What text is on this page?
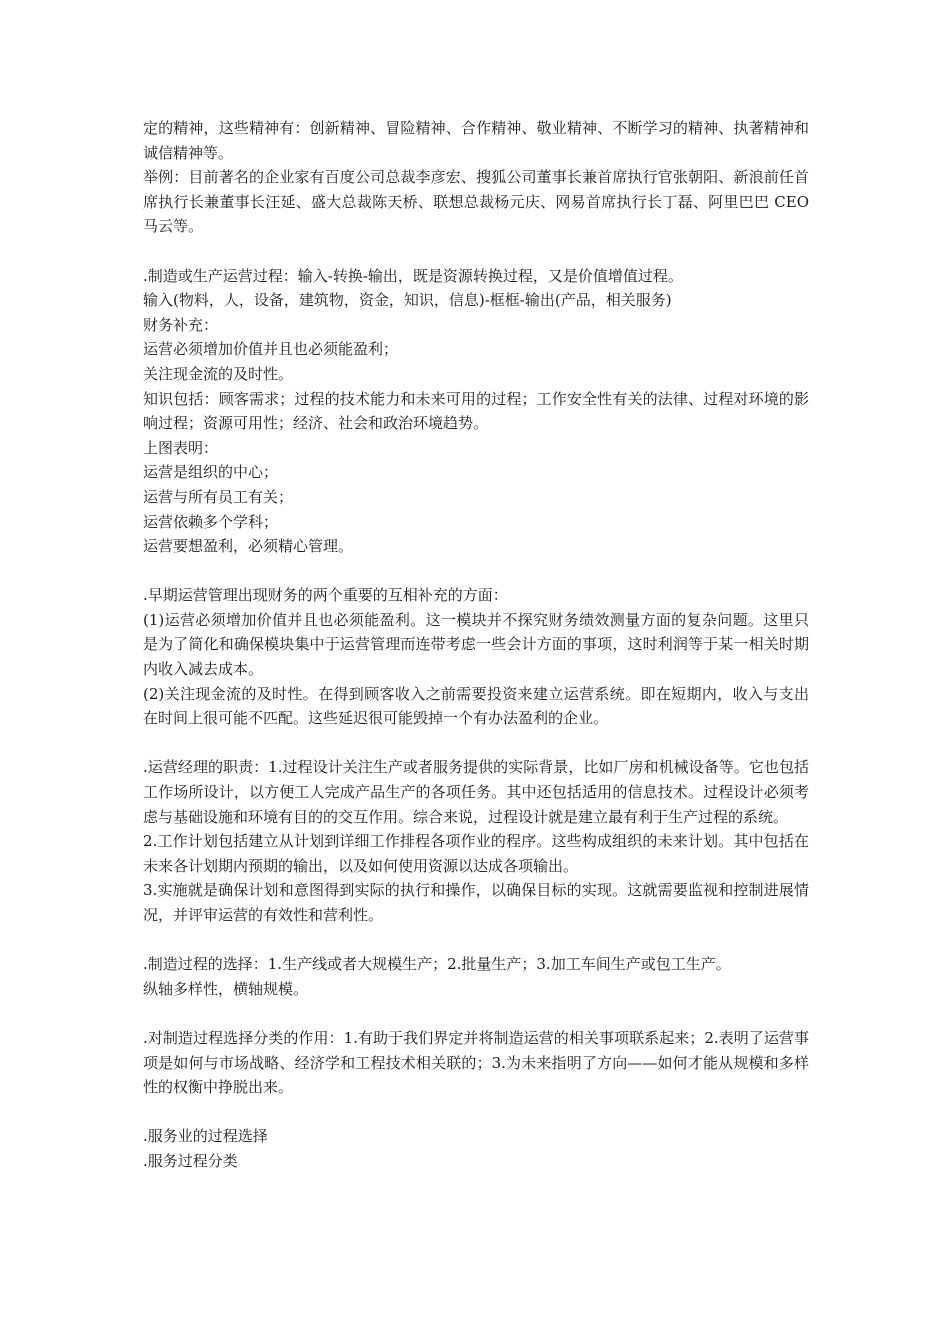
定的精神，这些精神有：创新精神、冒险精神、合作精神、敬业精神、不断学习的精神、执著精神和诚信精神等。

举例：目前著名的企业家有百度公司总裁李彦宏、搜狐公司董事长兼首席执行官张朝阳、新浪前任首席执行长兼董事长汪延、盛大总裁陈天桥、联想总裁杨元庆、网易首席执行长丁磊、阿里巴巴 CEO 马云等。

.制造或生产运营过程：输入-转换-输出，既是资源转换过程，又是价值增值过程。

输入(物料，人，设备，建筑物，资金，知识，信息)-框框-输出(产品，相关服务)

财务补充：

运营必须增加价值并且也必须能盈利；

关注现金流的及时性。

知识包括：顾客需求；过程的技术能力和未来可用的过程；工作安全性有关的法律、过程对环境的影响过程；资源可用性；经济、社会和政治环境趋势。

上图表明：

运营是组织的中心；

运营与所有员工有关；

运营依赖多个学科；

运营要想盈利，必须精心管理。

.早期运营管理出现财务的两个重要的互相补充的方面：

(1)运营必须增加价值并且也必须能盈利。这一模块并不探究财务绩效测量方面的复杂问题。这里只是为了简化和确保模块集中于运营管理而连带考虑一些会计方面的事项，这时利润等于某一相关时期内收入减去成本。

(2)关注现金流的及时性。在得到顾客收入之前需要投资来建立运营系统。即在短期内，收入与支出在时间上很可能不匹配。这些延迟很可能毁掉一个有办法盈利的企业。

.运营经理的职责：1.过程设计关注生产或者服务提供的实际背景，比如厂房和机械设备等。它也包括工作场所设计，以方便工人完成产品生产的各项任务。其中还包括适用的信息技术。过程设计必须考虑与基础设施和环境有目的的交互作用。综合来说，过程设计就是建立最有利于生产过程的系统。

2.工作计划包括建立从计划到详细工作排程各项作业的程序。这些构成组织的未来计划。其中包括在未来各计划期内预期的输出，以及如何使用资源以达成各项输出。

3.实施就是确保计划和意图得到实际的执行和操作，以确保目标的实现。这就需要监视和控制进展情况，并评审运营的有效性和营利性。

.制造过程的选择：1.生产线或者大规模生产；2.批量生产；3.加工车间生产或包工生产。

纵轴多样性，横轴规模。

.对制造过程选择分类的作用：1.有助于我们界定并将制造运营的相关事项联系起来；2.表明了运营事项是如何与市场战略、经济学和工程技术相关联的；3.为未来指明了方向——如何才能从规模和多样性的权衡中挣脱出来。

.服务业的过程选择

.服务过程分类
